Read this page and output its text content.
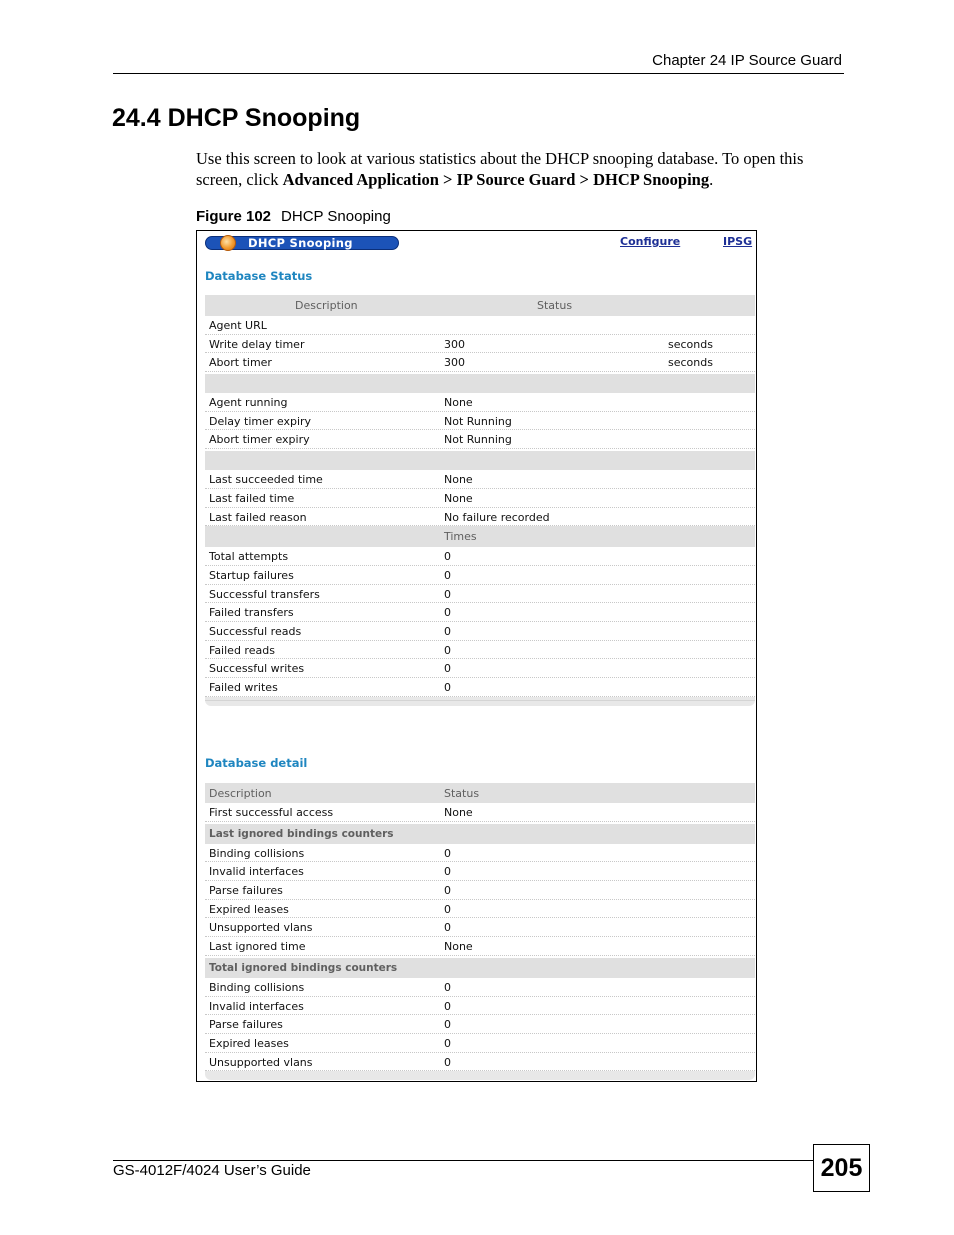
Chapter 24 IP Source Guard
24.4 DHCP Snooping
Use this screen to look at various statistics about the DHCP snooping database. To open this screen, click Advanced Application > IP Source Guard > DHCP Snooping.
Figure 102 DHCP Snooping
DHCP Snooping	Configure	IPSG
Database Status
Description	Status
Agent URL
Write delay timer	300	seconds
Abort timer	300	seconds
Agent running	None
Delay timer expiry	Not Running
Abort timer expiry	Not Running
Last succeeded time	None
Last failed time	None
Last failed reason	No failure recorded
Times
Total attempts	0
Startup failures	0
Successful transfers	0
Failed transfers	0
Successful reads	0
Failed reads	0
Successful writes	0
Failed writes	0
Database detail
Description	Status
First successful access	None
Last ignored bindings counters
Binding collisions	0
Invalid interfaces	0
Parse failures	0
Expired leases	0
Unsupported vlans	0
Last ignored time	None
Total ignored bindings counters
Binding collisions	0
Invalid interfaces	0
Parse failures	0
Expired leases	0
Unsupported vlans	0
GS-4012F/4024 User’s Guide	205
